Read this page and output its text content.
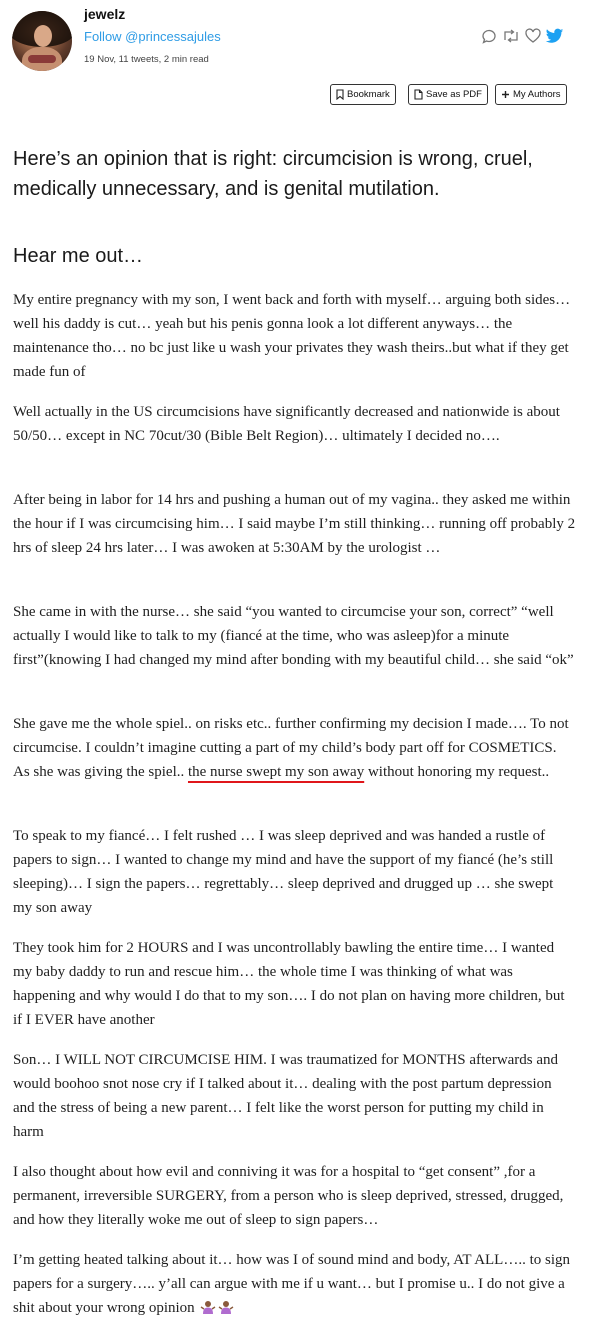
jewelz
Follow @princessajules
19 Nov, 11 tweets, 2 min read
Bookmark	Save as PDF	My Authors
Here’s an opinion that is right: circumcision is wrong, cruel, medically unnecessary, and is genital mutilation.
Hear me out…
My entire pregnancy with my son, I went back and forth with myself… arguing both sides… well his daddy is cut… yeah but his penis gonna look a lot different anyways… the maintenance tho… no bc just like u wash your privates they wash theirs..but what if they get made fun of
Well actually in the US circumcisions have significantly decreased and nationwide is about 50/50… except in NC 70cut/30 (Bible Belt Region)… ultimately I decided no….
After being in labor for 14 hrs and pushing a human out of my vagina.. they asked me within the hour if I was circumcising him… I said maybe I’m still thinking… running off probably 2 hrs of sleep 24 hrs later… I was awoken at 5:30AM by the urologist …
She came in with the nurse… she said “you wanted to circumcise your son, correct” “well actually I would like to talk to my (fiancé at the time, who was asleep)for a minute first”(knowing I had changed my mind after bonding with my beautiful child… she said “ok”
She gave me the whole spiel.. on risks etc.. further confirming my decision I made…. To not circumcise. I couldn’t imagine cutting a part of my child’s body part off for COSMETICS. As she was giving the spiel.. the nurse swept my son away without honoring my request..
To speak to my fiancé… I felt rushed … I was sleep deprived and was handed a rustle of papers to sign… I wanted to change my mind and have the support of my fiancé (he’s still sleeping)… I sign the papers… regrettably… sleep deprived and drugged up … she swept my son away
They took him for 2 HOURS and I was uncontrollably bawling the entire time… I wanted my baby daddy to run and rescue him… the whole time I was thinking of what was happening and why would I do that to my son…. I do not plan on having more children, but if I EVER have another
Son… I WILL NOT CIRCUMCISE HIM. I was traumatized for MONTHS afterwards and would boohoo snot nose cry if I talked about it… dealing with the post partum depression and the stress of being a new parent… I felt like the worst person for putting my child in harm
I also thought about how evil and conniving it was for a hospital to “get consent” ,for a permanent, irreversible SURGERY, from a person who is sleep deprived, stressed, drugged, and how they literally woke me out of sleep to sign papers…
I’m getting heated talking about it… how was I of sound mind and body, AT ALL….. to sign papers for a surgery….. y’all can argue with me if u want… but I promise u.. I do not give a shit about your wrong opinion
